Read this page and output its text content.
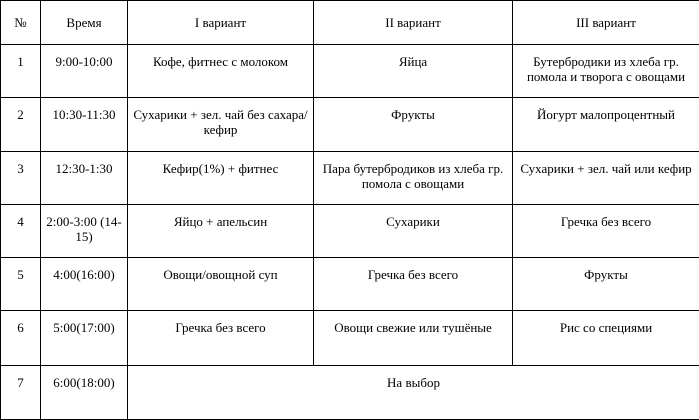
№	Время	I вариант	II вариант	III вариант
1	9:00-10:00	Кофе, фитнес с молоком	Яйца	Бутербродики из хлеба гр. помола и творога с овощами
2	10:30-11:30	Сухарики + зел. чай без сахара/кефир	Фрукты	Йогурт малопроцентный
3	12:30-1:30	Кефир(1%) + фитнес	Пара бутербродиков из хлеба гр. помола с овощами	Сухарики + зел. чай или кефир
4	2:00-3:00 (14-15)	Яйцо + апельсин	Сухарики	Гречка без всего
5	4:00(16:00)	Овощи/овощной суп	Гречка без всего	Фрукты
6	5:00(17:00)	Гречка без всего	Овощи свежие или тушёные	Рис со специями
7	6:00(18:00)	На выбор		
